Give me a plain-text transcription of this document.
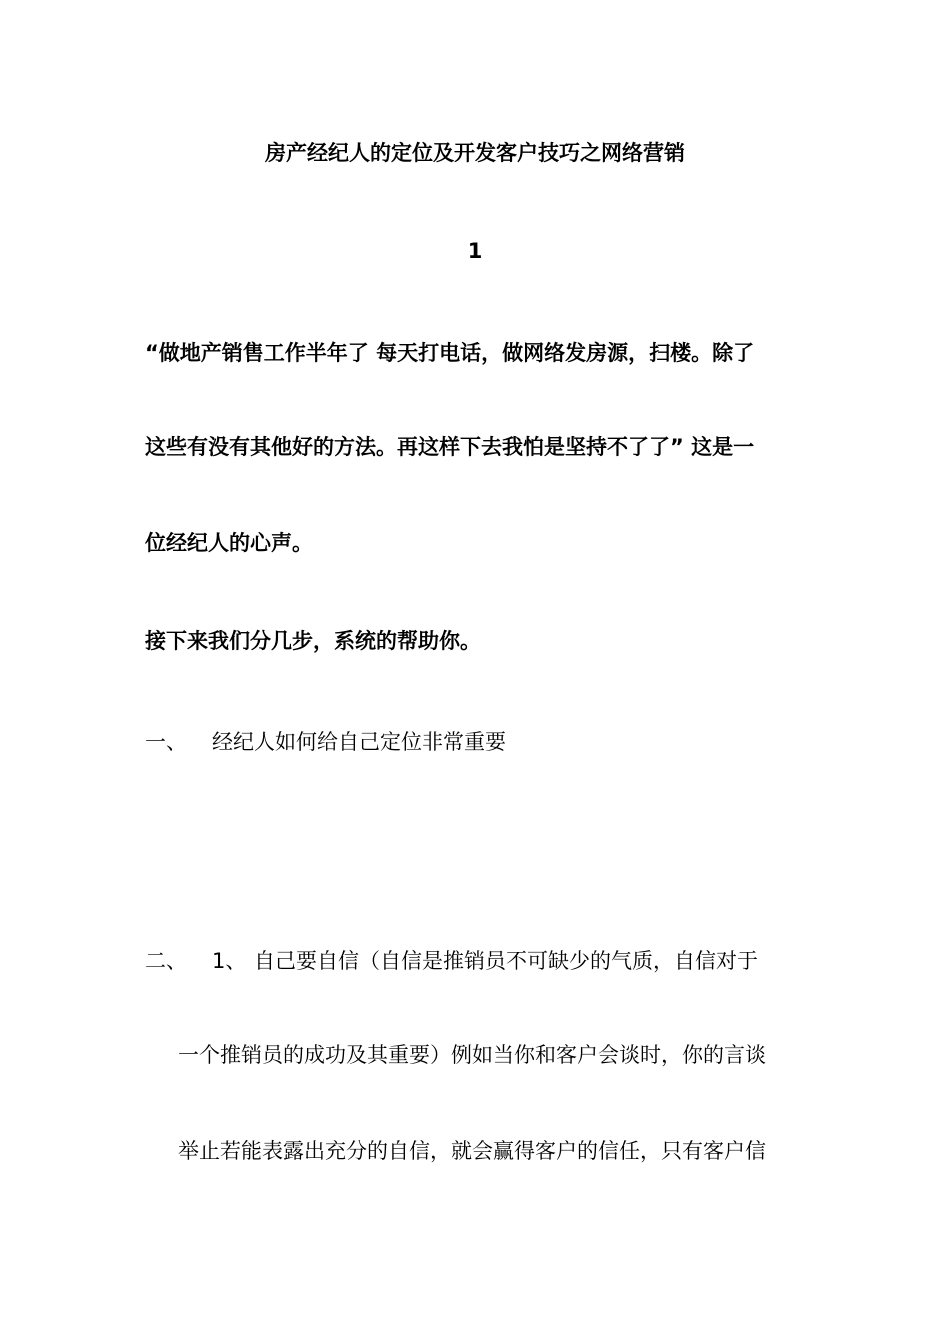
房产经纪人的定位及开发客户技巧之网络营销
1
“做地产销售工作半年了 每天打电话，做网络发房源，扫楼。除了
这些有没有其他好的方法。再这样下去我怕是坚持不了了” 这是一
位经纪人的心声。
接下来我们分几步，系统的帮助你。
一、 经纪人如何给自己定位非常重要
二、 1、 自己要自信（自信是推销员不可缺少的气质，自信对于
一个推销员的成功及其重要）例如当你和客户会谈时，你的言谈
举止若能表露出充分的自信，就会赢得客户的信任，只有客户信
